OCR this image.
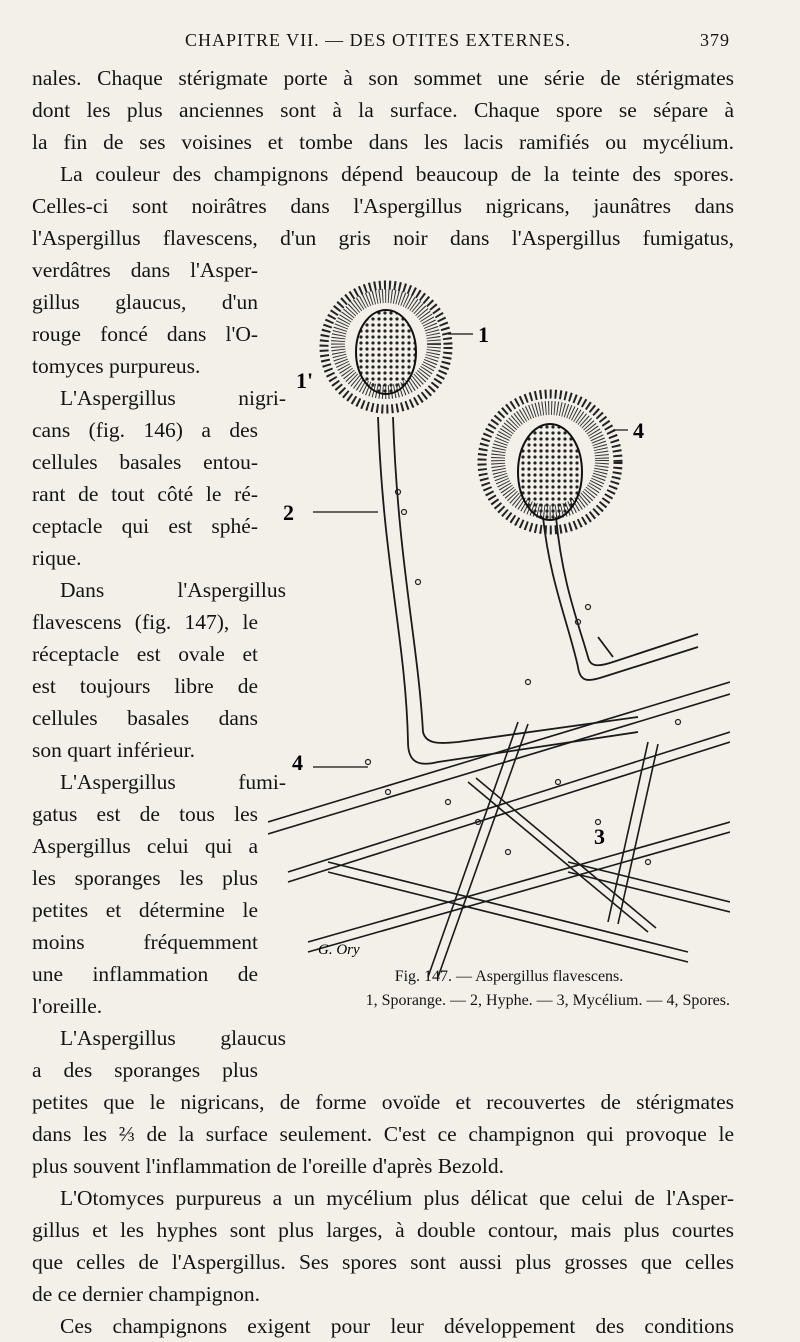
CHAPITRE VII. — DES OTITES EXTERNES.	379
nales. Chaque stérigmate porte à son sommet une série de stérigmates
dont les plus anciennes sont à la surface. Chaque spore se sépare à
la fin de ses voisines et tombe dans les lacis ramifiés ou mycélium.
La couleur des champignons dépend beaucoup de la teinte des spores.
Celles-ci sont noirâtres dans l'Aspergillus nigricans, jaunâtres dans
l'Aspergillus flavescens, d'un gris noir dans l'Aspergillus fumigatus,
verdâtres dans l'Asper-
gillus glaucus, d'un
rouge foncé dans l'O-
tomyces purpureus.
L'Aspergillus nigri-
cans (fig. 146) a des
cellules basales entou-
rant de tout côté le ré-
ceptacle qui est sphé-
rique.
Dans l'Aspergillus
flavescens (fig. 147), le
réceptacle est ovale et
est toujours libre de
cellules basales dans
son quart inférieur.
L'Aspergillus fumi-
gatus est de tous les
Aspergillus celui qui a
les sporanges les plus
petites et détermine le
moins fréquemment
une inflammation de
l'oreille.
L'Aspergillus glaucus
a des sporanges plus
petites que le nigricans, de forme ovoïde et recouvertes de stérigmates
dans les ⅔ de la surface seulement. C'est ce champignon qui provoque le
plus souvent l'inflammation de l'oreille d'après Bezold.
L'Otomyces purpureus a un mycélium plus délicat que celui de l'Asper-
gillus et les hyphes sont plus larges, à double contour, mais plus courtes
que celles de l'Aspergillus. Ses spores sont aussi plus grosses que celles
de ce dernier champignon.
Ces champignons exigent pour leur développement des conditions
1
1'
2
4
4
3
G. Ory
Fig. 147. — Aspergillus flavescens.
1, Sporange. — 2, Hyphe. — 3, Mycélium. — 4, Spores.
